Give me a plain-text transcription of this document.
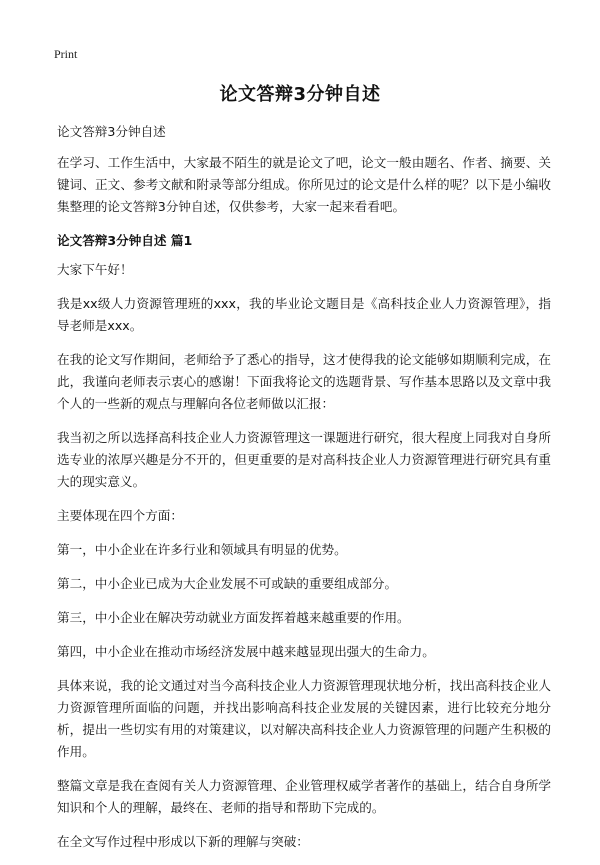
Print
论文答辩3分钟自述

论文答辩3分钟自述

在学习、工作生活中，大家最不陌生的就是论文了吧，论文一般由题名、作者、摘要、关键词、正文、参考文献和附录等部分组成。你所见过的论文是什么样的呢？以下是小编收集整理的论文答辩3分钟自述，仅供参考，大家一起来看看吧。

论文答辩3分钟自述 篇1

大家下午好！

我是xx级人力资源管理班的xxx，我的毕业论文题目是《高科技企业人力资源管理》，指导老师是xxx。

在我的论文写作期间，老师给予了悉心的指导，这才使得我的论文能够如期顺利完成，在此，我谨向老师表示衷心的感谢！下面我将论文的选题背景、写作基本思路以及文章中我个人的一些新的观点与理解向各位老师做以汇报：

我当初之所以选择高科技企业人力资源管理这一课题进行研究，很大程度上同我对自身所选专业的浓厚兴趣是分不开的，但更重要的是对高科技企业人力资源管理进行研究具有重大的现实意义。

主要体现在四个方面：

第一，中小企业在许多行业和领域具有明显的优势。

第二，中小企业已成为大企业发展不可或缺的重要组成部分。

第三，中小企业在解决劳动就业方面发挥着越来越重要的作用。

第四，中小企业在推动市场经济发展中越来越显现出强大的生命力。

具体来说，我的论文通过对当今高科技企业人力资源管理现状地分析，找出高科技企业人力资源管理所面临的问题，并找出影响高科技企业发展的关键因素，进行比较充分地分析，提出一些切实有用的对策建议，以对解决高科技企业人力资源管理的问题产生积极的作用。

整篇文章是我在查阅有关人力资源管理、企业管理权威学者著作的基础上，结合自身所学知识和个人的理解，最终在、老师的指导和帮助下完成的。

在全文写作过程中形成以下新的理解与突破：
